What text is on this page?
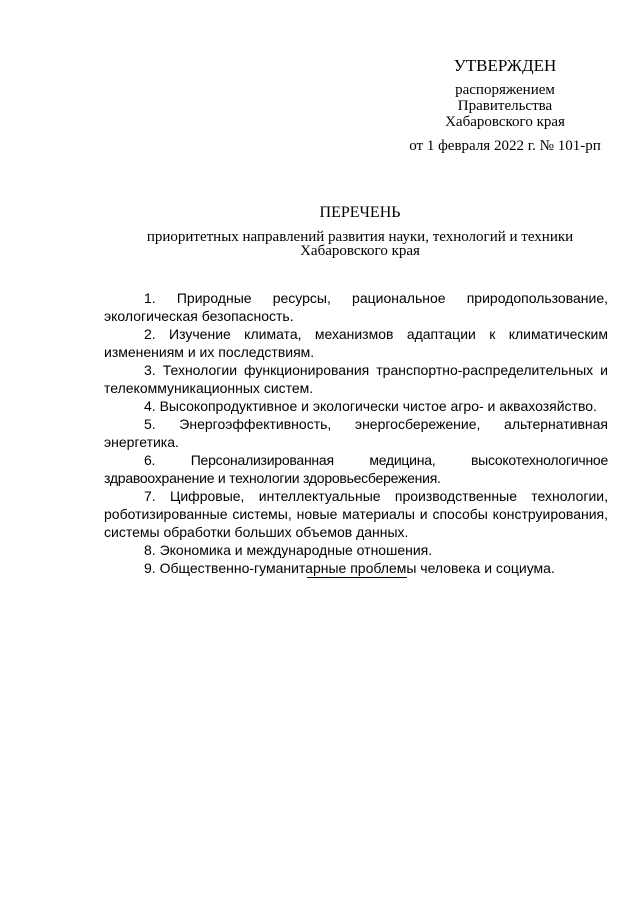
УТВЕРЖДЕН
распоряжением
Правительства
Хабаровского края
от 1 февраля 2022 г. № 101-рп
ПЕРЕЧЕНЬ
приоритетных направлений развития науки, технологий и техники
Хабаровского края

1. Природные ресурсы, рациональное природопользование, экологическая безопасность.

2. Изучение климата, механизмов адаптации к климатическим изменениям и их последствиям.

3. Технологии функционирования транспортно-распределительных и телекоммуникационных систем.

4. Высокопродуктивное и экологически чистое агро- и аквахозяйство.

5. Энергоэффективность, энергосбережение, альтернативная энергетика.

6. Персонализированная медицина, высокотехнологичное здравоохранение и технологии здоровьесбережения.

7. Цифровые, интеллектуальные производственные технологии, роботизированные системы, новые материалы и способы конструирования, системы обработки больших объемов данных.

8. Экономика и международные отношения.

9. Общественно-гуманитарные проблемы человека и социума.
